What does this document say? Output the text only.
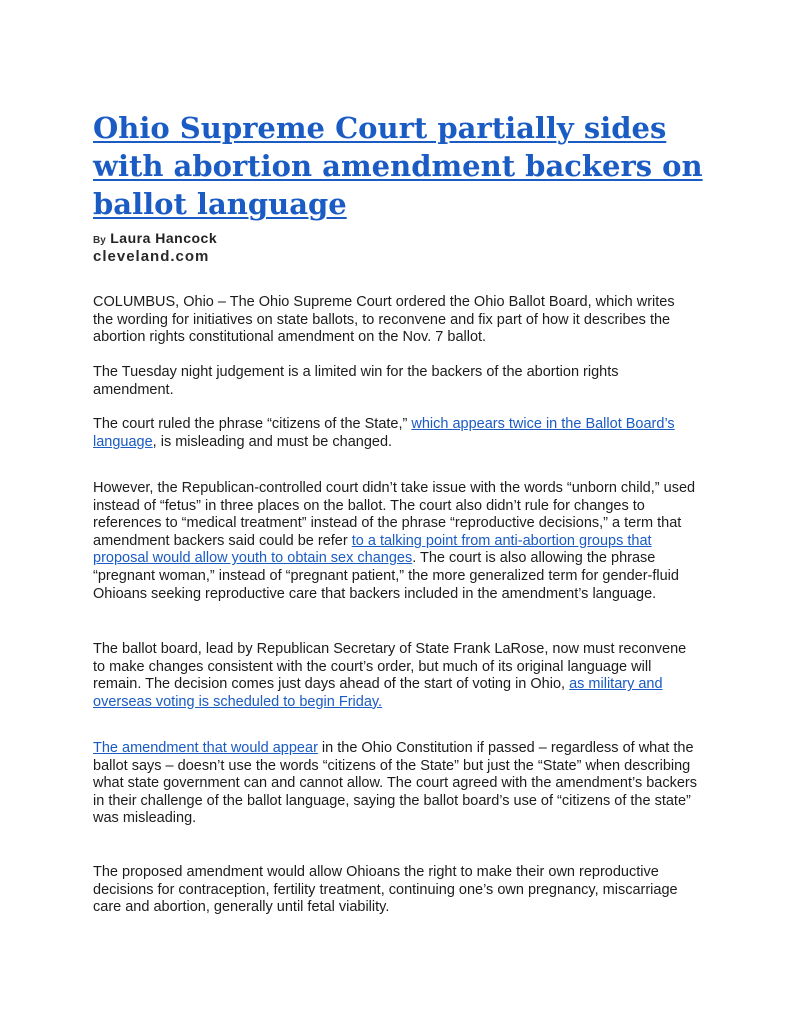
Ohio Supreme Court partially sides with abortion amendment backers on ballot language
By Laura Hancock
cleveland.com

COLUMBUS, Ohio – The Ohio Supreme Court ordered the Ohio Ballot Board, which writes the wording for initiatives on state ballots, to reconvene and fix part of how it describes the abortion rights constitutional amendment on the Nov. 7 ballot.

The Tuesday night judgement is a limited win for the backers of the abortion rights amendment.

The court ruled the phrase “citizens of the State,” which appears twice in the Ballot Board’s language, is misleading and must be changed.

However, the Republican-controlled court didn’t take issue with the words “unborn child,” used instead of “fetus” in three places on the ballot. The court also didn’t rule for changes to references to “medical treatment” instead of the phrase “reproductive decisions,” a term that amendment backers said could be refer to a talking point from anti-abortion groups that proposal would allow youth to obtain sex changes. The court is also allowing the phrase “pregnant woman,” instead of “pregnant patient,” the more generalized term for gender-fluid Ohioans seeking reproductive care that backers included in the amendment’s language.

The ballot board, lead by Republican Secretary of State Frank LaRose, now must reconvene to make changes consistent with the court’s order, but much of its original language will remain. The decision comes just days ahead of the start of voting in Ohio, as military and overseas voting is scheduled to begin Friday.

The amendment that would appear in the Ohio Constitution if passed – regardless of what the ballot says – doesn’t use the words “citizens of the State” but just the “State” when describing what state government can and cannot allow. The court agreed with the amendment’s backers in their challenge of the ballot language, saying the ballot board’s use of “citizens of the state” was misleading.

The proposed amendment would allow Ohioans the right to make their own reproductive decisions for contraception, fertility treatment, continuing one’s own pregnancy, miscarriage care and abortion, generally until fetal viability.
